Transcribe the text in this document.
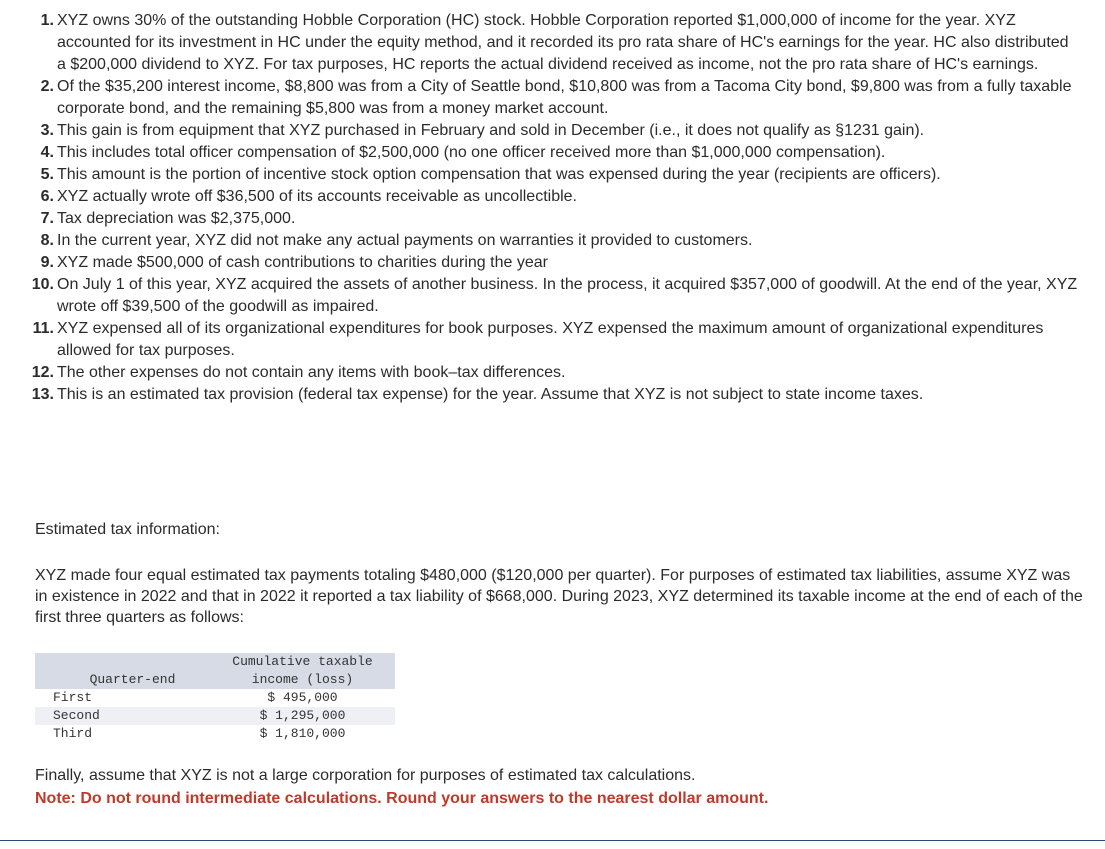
1. XYZ owns 30% of the outstanding Hobble Corporation (HC) stock. Hobble Corporation reported $1,000,000 of income for the year. XYZ accounted for its investment in HC under the equity method, and it recorded its pro rata share of HC's earnings for the year. HC also distributed a $200,000 dividend to XYZ. For tax purposes, HC reports the actual dividend received as income, not the pro rata share of HC's earnings.
2. Of the $35,200 interest income, $8,800 was from a City of Seattle bond, $10,800 was from a Tacoma City bond, $9,800 was from a fully taxable corporate bond, and the remaining $5,800 was from a money market account.
3. This gain is from equipment that XYZ purchased in February and sold in December (i.e., it does not qualify as §1231 gain).
4. This includes total officer compensation of $2,500,000 (no one officer received more than $1,000,000 compensation).
5. This amount is the portion of incentive stock option compensation that was expensed during the year (recipients are officers).
6. XYZ actually wrote off $36,500 of its accounts receivable as uncollectible.
7. Tax depreciation was $2,375,000.
8. In the current year, XYZ did not make any actual payments on warranties it provided to customers.
9. XYZ made $500,000 of cash contributions to charities during the year
10. On July 1 of this year, XYZ acquired the assets of another business. In the process, it acquired $357,000 of goodwill. At the end of the year, XYZ wrote off $39,500 of the goodwill as impaired.
11. XYZ expensed all of its organizational expenditures for book purposes. XYZ expensed the maximum amount of organizational expenditures allowed for tax purposes.
12. The other expenses do not contain any items with book–tax differences.
13. This is an estimated tax provision (federal tax expense) for the year. Assume that XYZ is not subject to state income taxes.

Estimated tax information:

XYZ made four equal estimated tax payments totaling $480,000 ($120,000 per quarter). For purposes of estimated tax liabilities, assume XYZ was in existence in 2022 and that in 2022 it reported a tax liability of $668,000. During 2023, XYZ determined its taxable income at the end of each of the first three quarters as follows:

Quarter-end	Cumulative taxable
income (loss)
First	$ 495,000
Second	$ 1,295,000
Third	$ 1,810,000

Finally, assume that XYZ is not a large corporation for purposes of estimated tax calculations.

Note: Do not round intermediate calculations. Round your answers to the nearest dollar amount.
